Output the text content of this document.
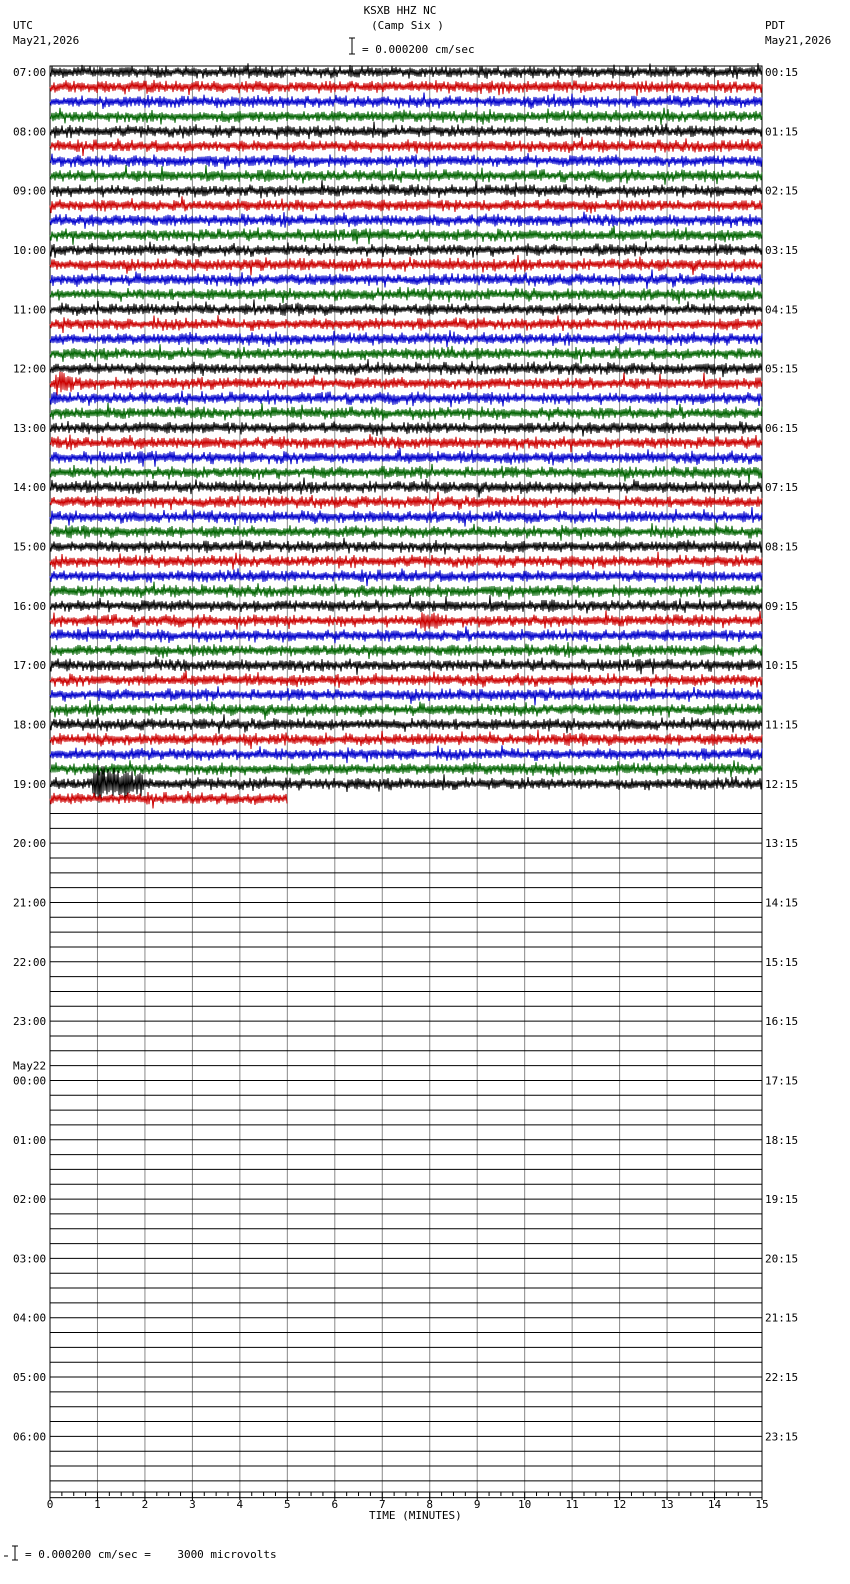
KSXB HHZ NC
(Camp Six )
= 0.000200 cm/sec
UTC
May21,2026
PDT
May21,2026
TIME (MINUTES)
= 0.000200 cm/sec =    3000 microvolts
07:00	00:15
08:00	01:15
09:00	02:15
10:00	03:15
11:00	04:15
12:00	05:15
13:00	06:15
14:00	07:15
15:00	08:15
16:00	09:15
17:00	10:15
18:00	11:15
19:00	12:15
20:00	13:15
21:00	14:15
22:00	15:15
23:00	16:15
May22
00:00	17:15
01:00	18:15
02:00	19:15
03:00	20:15
04:00	21:15
05:00	22:15
06:00	23:15
0	1	2	3	4	5	6	7	8	9	10	11	12	13	14	15
